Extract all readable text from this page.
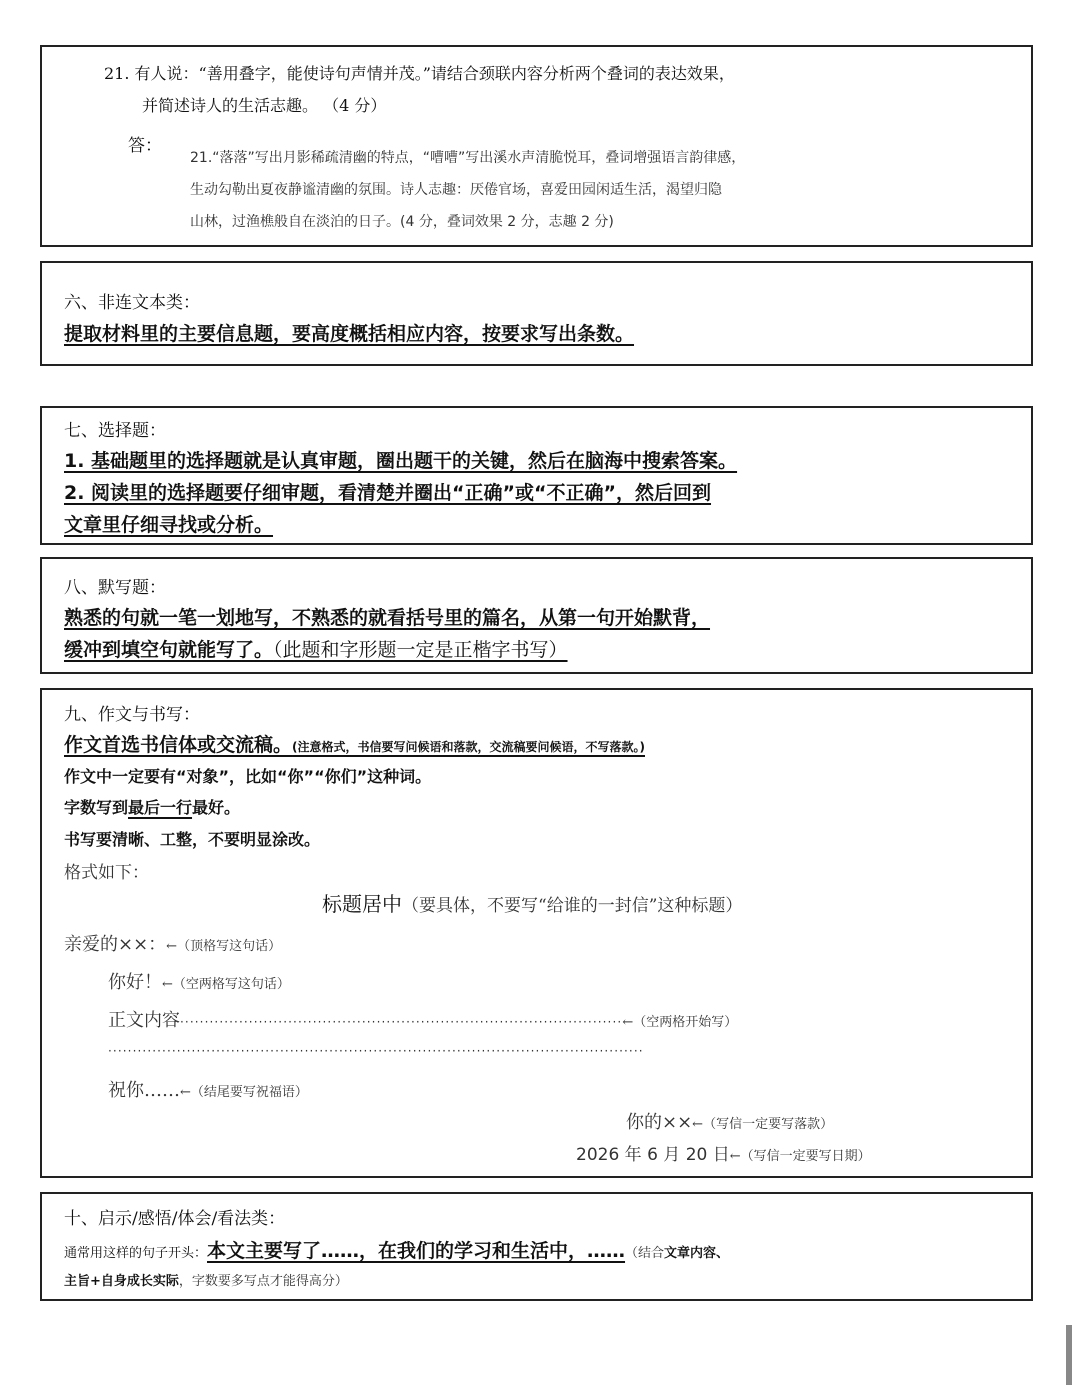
21. 有人说：“善用叠字，能使诗句声情并茂。”请结合颈联内容分析两个叠词的表达效果，
并简述诗人的生活志趣。 （4 分）
答：
21.“落落”写出月影稀疏清幽的特点，“嘈嘈”写出溪水声清脆悦耳，叠词增强语言韵律感，
生动勾勒出夏夜静谧清幽的氛围。诗人志趣：厌倦官场，喜爱田园闲适生活，渴望归隐
山林，过渔樵般自在淡泊的日子。(4 分，叠词效果 2 分，志趣 2 分)
六、非连文本类：
提取材料里的主要信息题，要高度概括相应内容，按要求写出条数。
七、选择题：
1. 基础题里的选择题就是认真审题，圈出题干的关键，然后在脑海中搜索答案。
2. 阅读里的选择题要仔细审题，看清楚并圈出“正确”或“不正确”，然后回到
文章里仔细寻找或分析。
八、默写题：
熟悉的句就一笔一划地写，不熟悉的就看括号里的篇名，从第一句开始默背，
缓冲到填空句就能写了。（此题和字形题一定是正楷字书写）
九、作文与书写：
作文首选书信体或交流稿。(注意格式，书信要写问候语和落款，交流稿要问候语，不写落款。)
作文中一定要有“对象”，比如“你”“你们”这种词。
字数写到最后一行最好。
书写要清晰、工整，不要明显涂改。
格式如下：
标题居中（要具体，不要写“给谁的一封信”这种标题）
亲爱的××：←（顶格写这句话）
你好！←（空两格写这句话）
正文内容··························································································←（空两格开始写）
·············································································································
祝你……←（结尾要写祝福语）
你的××←（写信一定要写落款）
2026 年 6 月 20 日←（写信一定要写日期）
十、启示/感悟/体会/看法类：
通常用这样的句子开头：本文主要写了……，在我们的学习和生活中，……（结合文章内容、
主旨+自身成长实际，字数要多写点才能得高分）
